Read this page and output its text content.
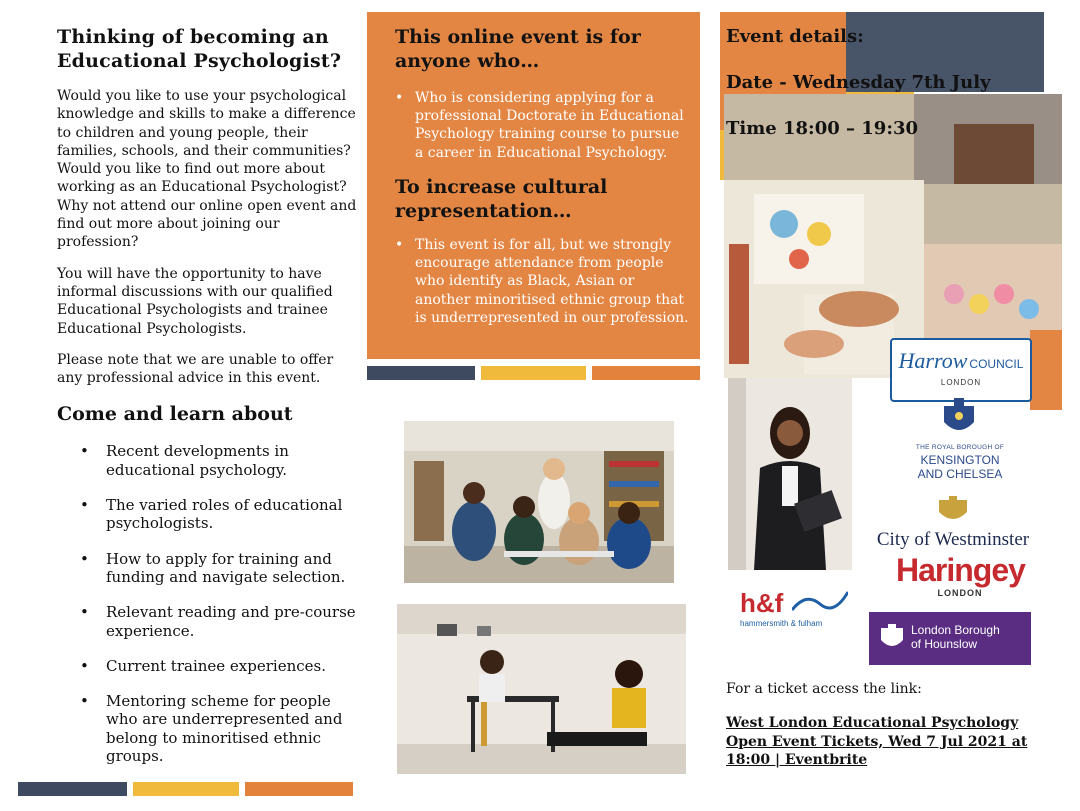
Thinking of becoming an Educational Psychologist?

Would you like to use your psychological knowledge and skills to make a difference to children and young people, their families, schools, and their communities? Would you like to find out more about working as an Educational Psychologist? Why not attend our online open event and find out more about joining our profession?

You will have the opportunity to have informal discussions with our qualified Educational Psychologists and trainee Educational Psychologists.

Please note that we are unable to offer any professional advice in this event.

Come and learn about
• Recent developments in educational psychology.
• The varied roles of educational psychologists.
• How to apply for training and funding and navigate selection.
• Relevant reading and pre-course experience.
• Current trainee experiences.
• Mentoring scheme for people who are underrepresented and belong to minoritised ethnic groups.
This online event is for anyone who…
• Who is considering applying for a professional Doctorate in Educational Psychology training course to pursue a career in Educational Psychology.
To increase cultural representation…
• This event is for all, but we strongly encourage attendance from people who identify as Black, Asian or another minoritised ethnic group that is underrepresented in our profession.
Event details:
Date - Wednesday 7th July
Time 18:00 – 19:30
Harrow COUNCIL
LONDON
THE ROYAL BOROUGH OF
KENSINGTON
AND CHELSEA
City of Westminster
Haringey
LONDON
h&f
hammersmith & fulham	London Borough
of Hounslow
For a ticket access the link:
West London Educational Psychology Open Event Tickets, Wed 7 Jul 2021 at 18:00 | Eventbrite
